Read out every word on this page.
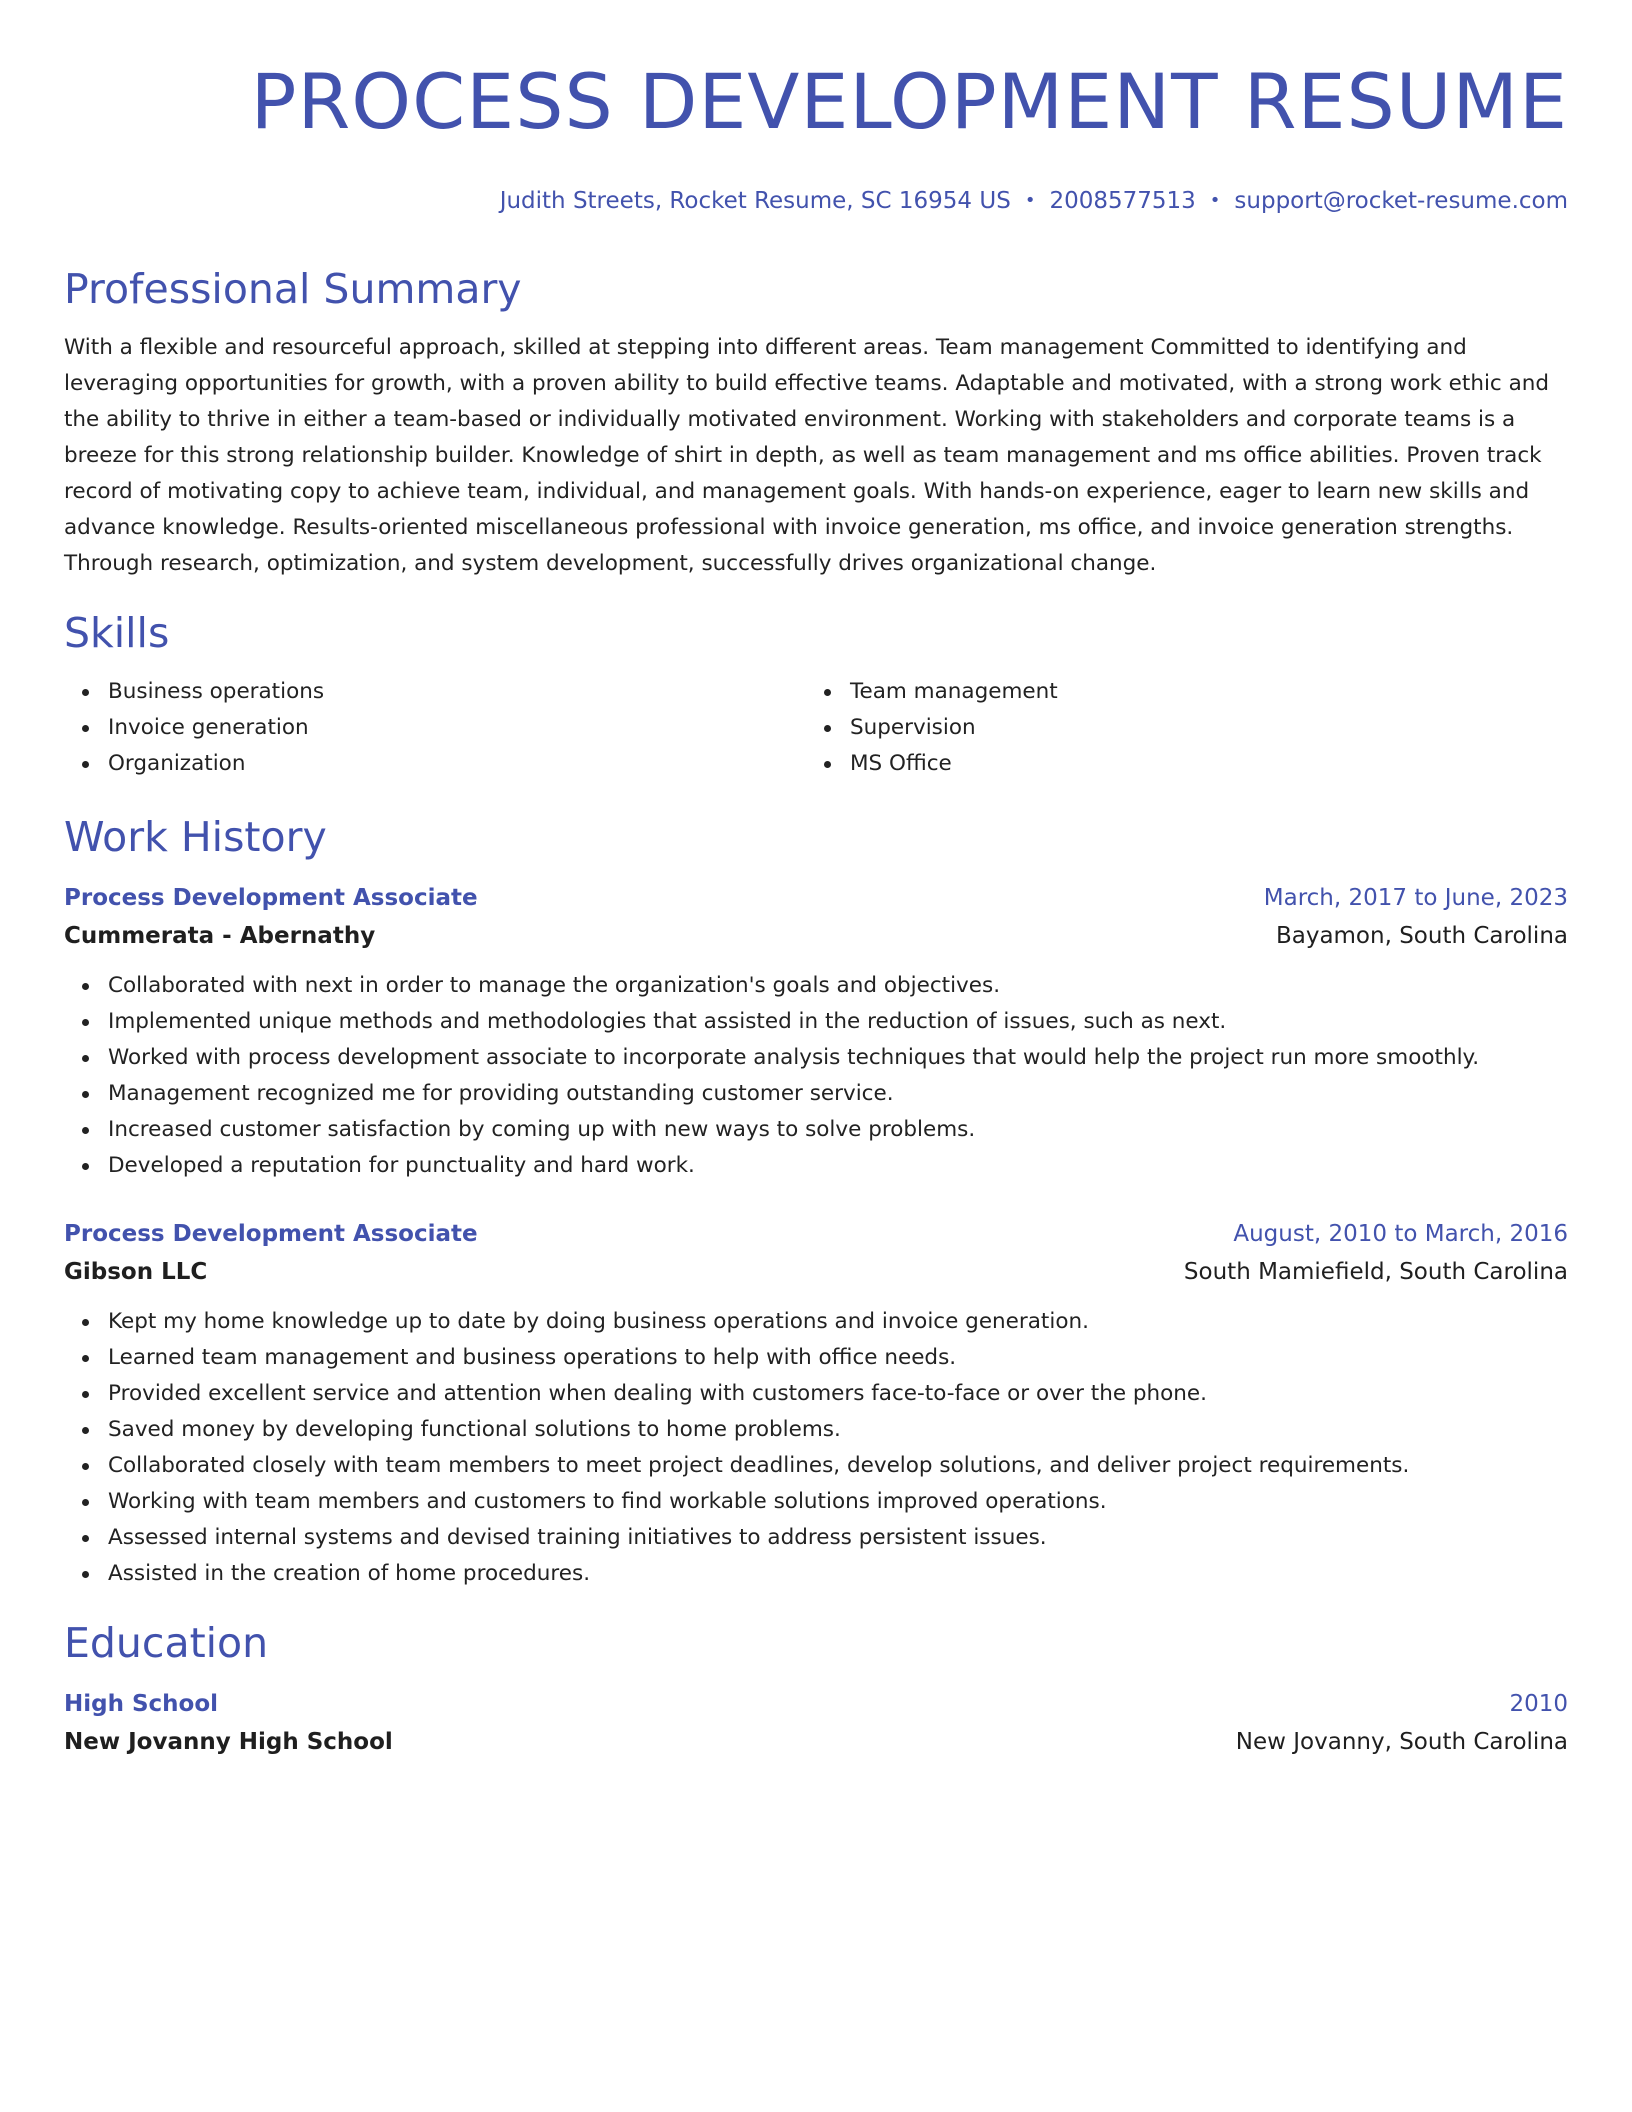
PROCESS DEVELOPMENT RESUME
Judith Streets, Rocket Resume, SC 16954 US • 2008577513 • support@rocket-resume.com
Professional Summary
With a flexible and resourceful approach, skilled at stepping into different areas. Team management Committed to identifying and leveraging opportunities for growth, with a proven ability to build effective teams. Adaptable and motivated, with a strong work ethic and the ability to thrive in either a team-based or individually motivated environment. Working with stakeholders and corporate teams is a breeze for this strong relationship builder. Knowledge of shirt in depth, as well as team management and ms office abilities. Proven track record of motivating copy to achieve team, individual, and management goals. With hands-on experience, eager to learn new skills and advance knowledge. Results-oriented miscellaneous professional with invoice generation, ms office, and invoice generation strengths. Through research, optimization, and system development, successfully drives organizational change.
Skills
Business operations
Invoice generation
Organization
Team management
Supervision
MS Office
Work History
Process Development Associate	March, 2017 to June, 2023
Cummerata - Abernathy	Bayamon, South Carolina
Collaborated with next in order to manage the organization's goals and objectives.
Implemented unique methods and methodologies that assisted in the reduction of issues, such as next.
Worked with process development associate to incorporate analysis techniques that would help the project run more smoothly.
Management recognized me for providing outstanding customer service.
Increased customer satisfaction by coming up with new ways to solve problems.
Developed a reputation for punctuality and hard work.
Process Development Associate	August, 2010 to March, 2016
Gibson LLC	South Mamiefield, South Carolina
Kept my home knowledge up to date by doing business operations and invoice generation.
Learned team management and business operations to help with office needs.
Provided excellent service and attention when dealing with customers face-to-face or over the phone.
Saved money by developing functional solutions to home problems.
Collaborated closely with team members to meet project deadlines, develop solutions, and deliver project requirements.
Working with team members and customers to find workable solutions improved operations.
Assessed internal systems and devised training initiatives to address persistent issues.
Assisted in the creation of home procedures.
Education
High School	2010
New Jovanny High School	New Jovanny, South Carolina
